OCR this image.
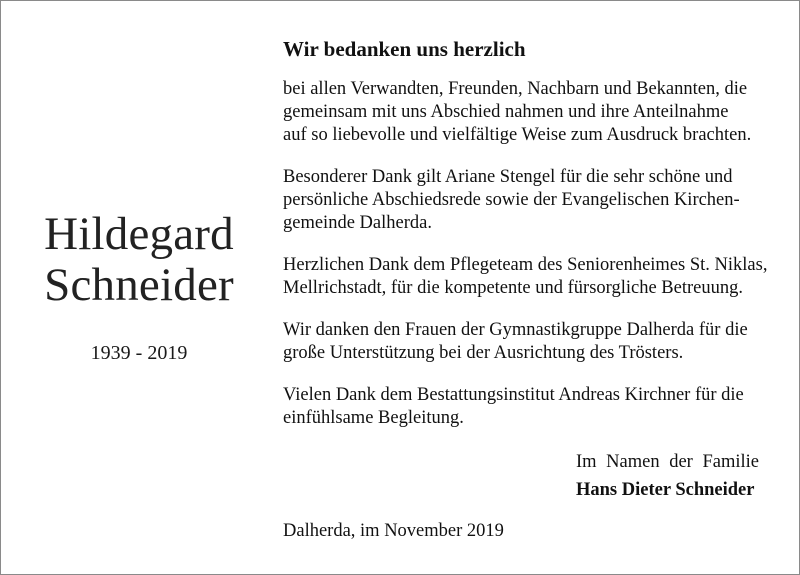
Hildegard
Schneider
1939 - 2019
Wir bedanken uns herzlich

bei allen Verwandten, Freunden, Nachbarn und Bekannten, die
gemeinsam mit uns Abschied nahmen und ihre Anteilnahme
auf so liebevolle und vielfältige Weise zum Ausdruck brachten.

Besonderer Dank gilt Ariane Stengel für die sehr schöne und
persönliche Abschiedsrede sowie der Evangelischen Kirchen-
gemeinde Dalherda.

Herzlichen Dank dem Pflegeteam des Seniorenheimes St. Niklas,
Mellrichstadt, für die kompetente und fürsorgliche Betreuung.

Wir danken den Frauen der Gymnastikgruppe Dalherda für die
große Unterstützung bei der Ausrichtung des Trösters.

Vielen Dank dem Bestattungsinstitut Andreas Kirchner für die
einfühlsame Begleitung.

Im Namen der Familie
Hans Dieter Schneider
Dalherda, im November 2019
